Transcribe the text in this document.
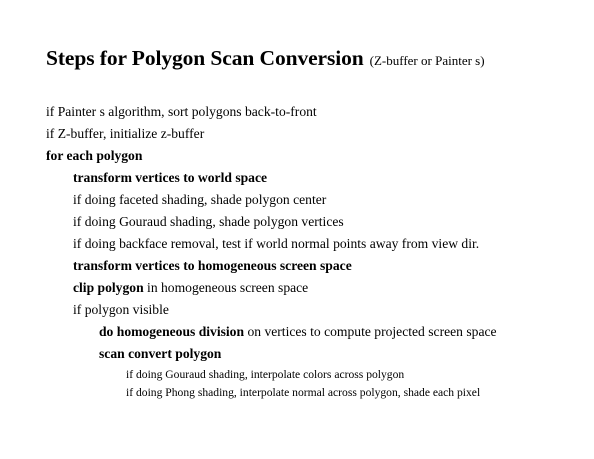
Steps for Polygon Scan Conversion (Z-buffer or Painter s)
if Painter s algorithm, sort polygons back-to-front
if Z-buffer, initialize z-buffer
for each polygon
transform vertices to world space
if doing faceted shading, shade polygon center
if doing Gouraud shading, shade polygon vertices
if doing backface removal, test if world normal points away from view dir.
transform vertices to homogeneous screen space
clip polygon in homogeneous screen space
if polygon visible
do homogeneous division on vertices to compute projected screen space
scan convert polygon
if doing Gouraud shading, interpolate colors across polygon
if doing Phong shading, interpolate normal across polygon, shade each pixel
